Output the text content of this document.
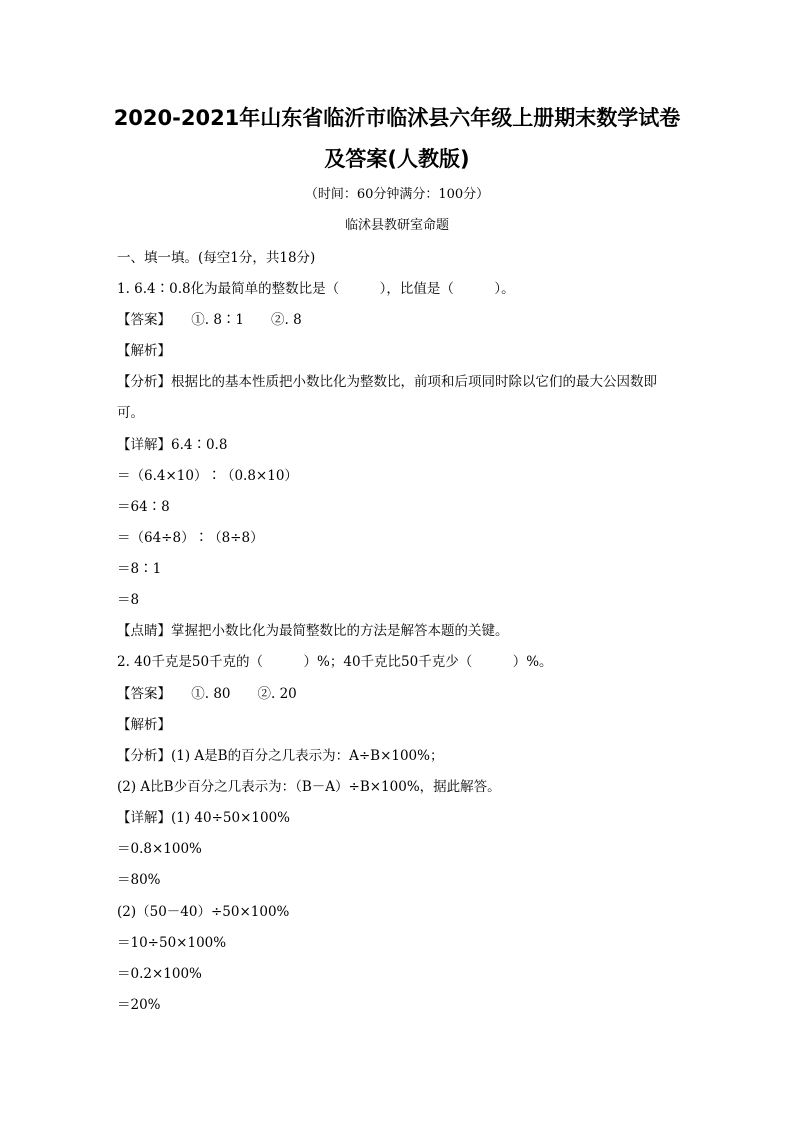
2020-2021年山东省临沂市临沭县六年级上册期末数学试卷
及答案(人教版)
（时间：60分钟满分：100分）
临沭县教研室命题
一、填一填。(每空1分，共18分)
1. 6.4∶0.8化为最简单的整数比是（　　　），比值是（　　　）。
【答案】　　①. 8∶1　　②. 8
【解析】
【分析】根据比的基本性质把小数比化为整数比，前项和后项同时除以它们的最大公因数即
可。
【详解】6.4∶0.8
＝（6.4×10）∶（0.8×10）
＝64∶8
＝（64÷8）∶（8÷8）
＝8∶1
＝8
【点睛】掌握把小数比化为最简整数比的方法是解答本题的关键。
2. 40千克是50千克的（　　　）%；40千克比50千克少（　　　）%。
【答案】　　①. 80　　②. 20
【解析】
【分析】(1) A是B的百分之几表示为：A÷B×100%；
(2) A比B少百分之几表示为：（B－A）÷B×100%，据此解答。
【详解】(1) 40÷50×100%
＝0.8×100%
＝80%
(2)（50－40）÷50×100%
＝10÷50×100%
＝0.2×100%
＝20%
